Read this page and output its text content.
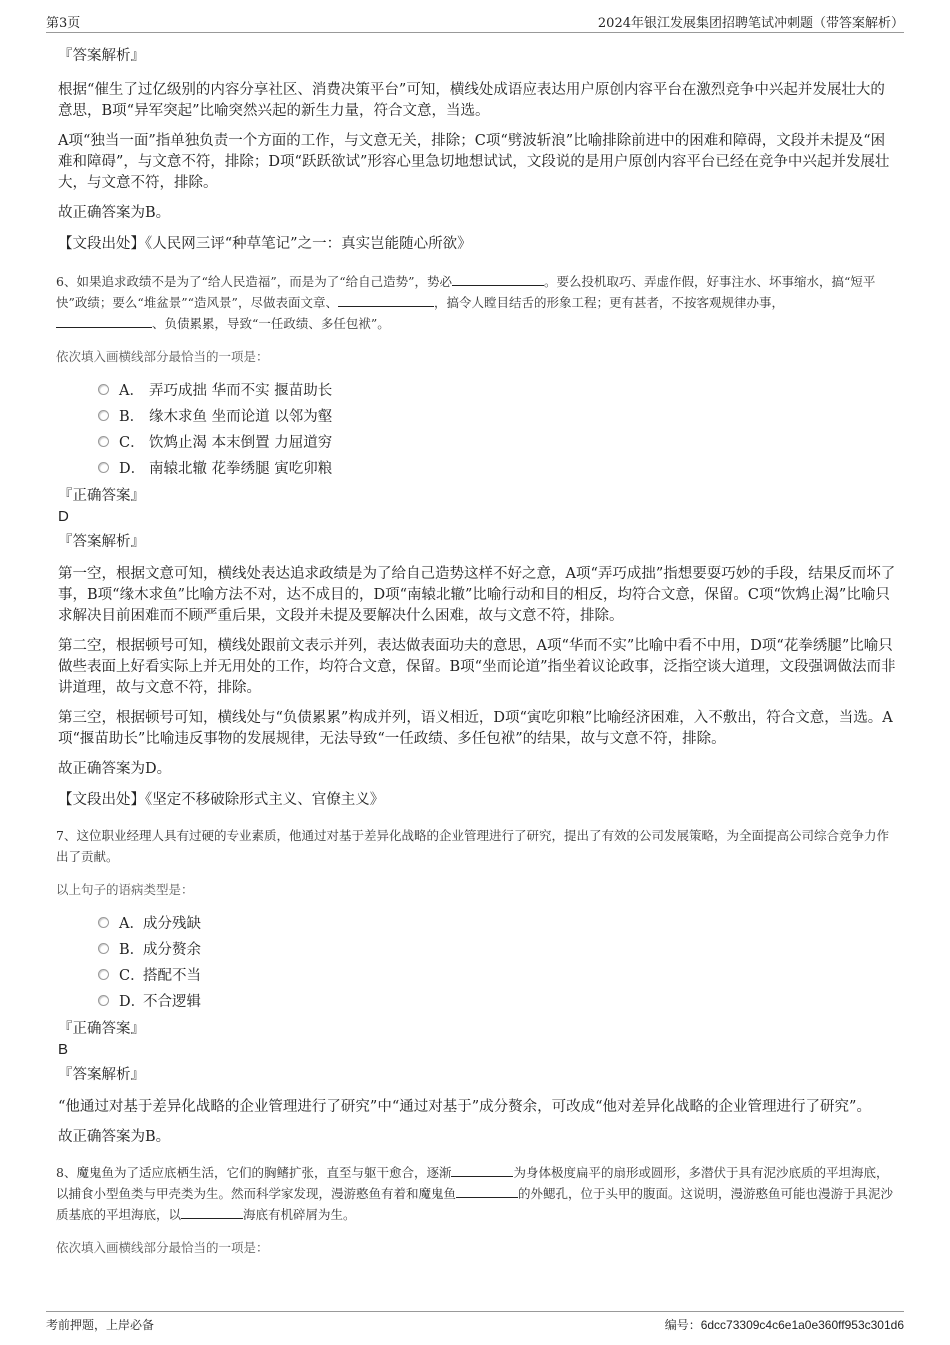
第3页	2024年银江发展集团招聘笔试冲刺题（带答案解析）
『答案解析』
根据“催生了过亿级别的内容分享社区、消费决策平台”可知，横线处成语应表达用户原创内容平台在激烈竞争中兴起并发展壮大的意思，B项“异军突起”比喻突然兴起的新生力量，符合文意，当选。
A项“独当一面”指单独负责一个方面的工作，与文意无关，排除；C项“劈波斩浪”比喻排除前进中的困难和障碍，文段并未提及“困难和障碍”，与文意不符，排除；D项“跃跃欲试”形容心里急切地想试试，文段说的是用户原创内容平台已经在竞争中兴起并发展壮大，与文意不符，排除。
故正确答案为B。
【文段出处】《人民网三评“种草笔记”之一：真实岂能随心所欲》
6、如果追求政绩不是为了“给人民造福”，而是为了“给自己造势”，势必	。要么投机取巧、弄虚作假，好事注水、坏事缩水，搞“短平快”政绩；要么“堆盆景”“造风景”，尽做表面文章、	，搞令人瞠目结舌的形象工程；更有甚者，不按客观规律办事，
、负债累累，导致“一任政绩、多任包袱”。
依次填入画横线部分最恰当的一项是：
A． 弄巧成拙 华而不实 揠苗助长
B． 缘木求鱼 坐而论道 以邻为壑
C． 饮鸩止渴 本末倒置 力屈道穷
D． 南辕北辙 花拳绣腿 寅吃卯粮
『正确答案』
D
『答案解析』
第一空，根据文意可知，横线处表达追求政绩是为了给自己造势这样不好之意，A项“弄巧成拙”指想要耍巧妙的手段，结果反而坏了事，B项“缘木求鱼”比喻方法不对，达不成目的，D项“南辕北辙”比喻行动和目的相反，均符合文意，保留。C项“饮鸩止渴”比喻只求解决目前困难而不顾严重后果，文段并未提及要解决什么困难，故与文意不符，排除。
第二空，根据顿号可知，横线处跟前文表示并列，表达做表面功夫的意思，A项“华而不实”比喻中看不中用，D项“花拳绣腿”比喻只做些表面上好看实际上并无用处的工作，均符合文意，保留。B项“坐而论道”指坐着议论政事，泛指空谈大道理，文段强调做法而非讲道理，故与文意不符，排除。
第三空，根据顿号可知，横线处与“负债累累”构成并列，语义相近，D项“寅吃卯粮”比喻经济困难，入不敷出，符合文意，当选。A项“揠苗助长”比喻违反事物的发展规律，无法导致“一任政绩、多任包袱”的结果，故与文意不符，排除。
故正确答案为D。
【文段出处】《坚定不移破除形式主义、官僚主义》
7、这位职业经理人具有过硬的专业素质，他通过对基于差异化战略的企业管理进行了研究，提出了有效的公司发展策略，为全面提高公司综合竞争力作出了贡献。
以上句子的语病类型是：
A． 成分残缺
B．
成分赘余
C．
搭配不当
D．
不合逻辑
『正确答案』
B
『答案解析』
“他通过对基于差异化战略的企业管理进行了研究”中“通过对基于”成分赘余，可改成“他对差异化战略的企业管理进行了研究”。
故正确答案为B。
8、魔鬼鱼为了适应底栖生活，它们的胸鳍扩张，直至与躯干愈合，逐渐	为身体极度扁平的扇形或圆形，多潜伏于具有泥沙底质的平坦海底，以捕食小型鱼类与甲壳类为生。然而科学家发现，漫游憨鱼有着和魔鬼鱼	的外鳃孔，位于头甲的腹面。这说明，漫游憨鱼可能也漫游于具泥沙质基底的平坦海底，以	海底有机碎屑为生。
依次填入画横线部分最恰当的一项是：
考前押题，上岸必备	编号：6dcc73309c4c6e1a0e360ff953c301d6
